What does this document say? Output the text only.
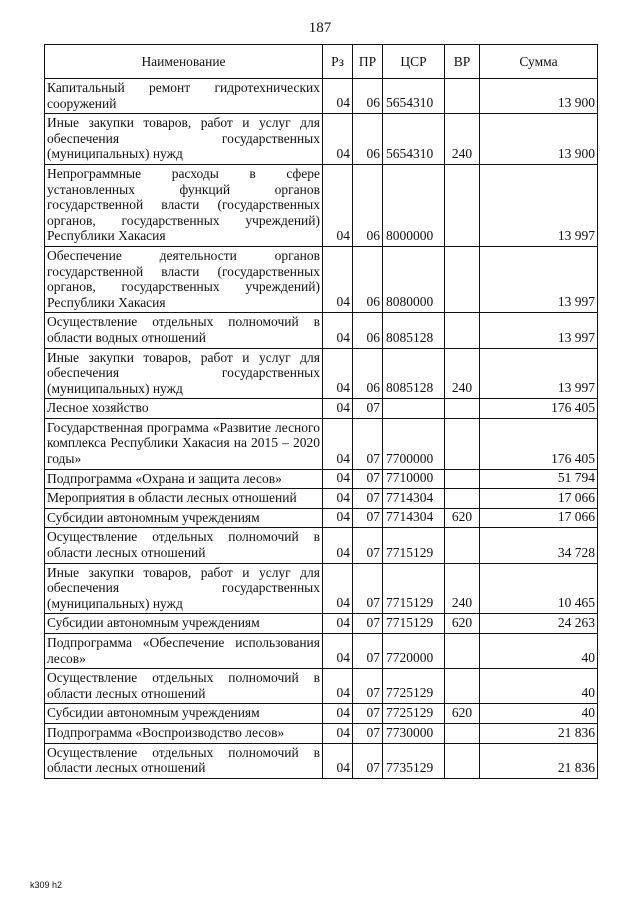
187
Наименование	Рз	ПР	ЦСР	ВР	Сумма
Капитальный ремонт гидротехнических сооружений	04	06	5654310		13 900
Иные закупки товаров, работ и услуг для обеспечения государственных (муниципальных) нужд	04	06	5654310	240	13 900
Непрограммные расходы в сфере установленных функций органов государственной власти (государственных органов, государственных учреждений) Республики Хакасия	04	06	8000000		13 997
Обеспечение деятельности органов государственной власти (государственных органов, государственных учреждений) Республики Хакасия	04	06	8080000		13 997
Осуществление отдельных полномочий в области водных отношений	04	06	8085128		13 997
Иные закупки товаров, работ и услуг для обеспечения государственных (муниципальных) нужд	04	06	8085128	240	13 997
Лесное хозяйство	04	07			176 405
Государственная программа «Развитие лесного комплекса Республики Хакасия на 2015 – 2020 годы»	04	07	7700000		176 405
Подпрограмма «Охрана и защита лесов»	04	07	7710000		51 794
Мероприятия в области лесных отношений	04	07	7714304		17 066
Субсидии автономным учреждениям	04	07	7714304	620	17 066
Осуществление отдельных полномочий в области лесных отношений	04	07	7715129		34 728
Иные закупки товаров, работ и услуг для обеспечения государственных (муниципальных) нужд	04	07	7715129	240	10 465
Субсидии автономным учреждениям	04	07	7715129	620	24 263
Подпрограмма «Обеспечение использования лесов»	04	07	7720000		40
Осуществление отдельных полномочий в области лесных отношений	04	07	7725129		40
Субсидии автономным учреждениям	04	07	7725129	620	40
Подпрограмма «Воспроизводство лесов»	04	07	7730000		21 836
Осуществление отдельных полномочий в области лесных отношений	04	07	7735129		21 836
k309 h2
